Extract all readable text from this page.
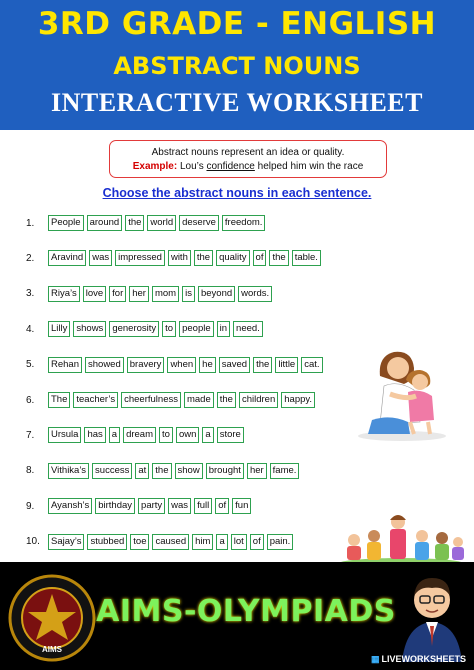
3RD GRADE - ENGLISH
ABSTRACT NOUNS
INTERACTIVE WORKSHEET
Abstract nouns represent an idea or quality.
Example: Lou’s confidence helped him win the race
Choose the abstract nouns in each sentence.
1.	People around the world deserve freedom.
2.	Aravind was impressed with the quality of the table.
3.	Riya’s love for her mom is beyond words.
4.	Lilly shows generosity to people in need.
5.	Rehan showed bravery when he saved the little cat.
6.	The teacher’s cheerfulness made the children happy.
7.	Ursula has a dream to own a store
8.	Vithika’s success at the show brought her fame.
9.	Ayansh’s birthday party was full of fun
10.	Sajay’s stubbed toe caused him a lot of pain.
AIMS
AIMS-OLYMPIADS
▦ LIVEWORKSHEETS
